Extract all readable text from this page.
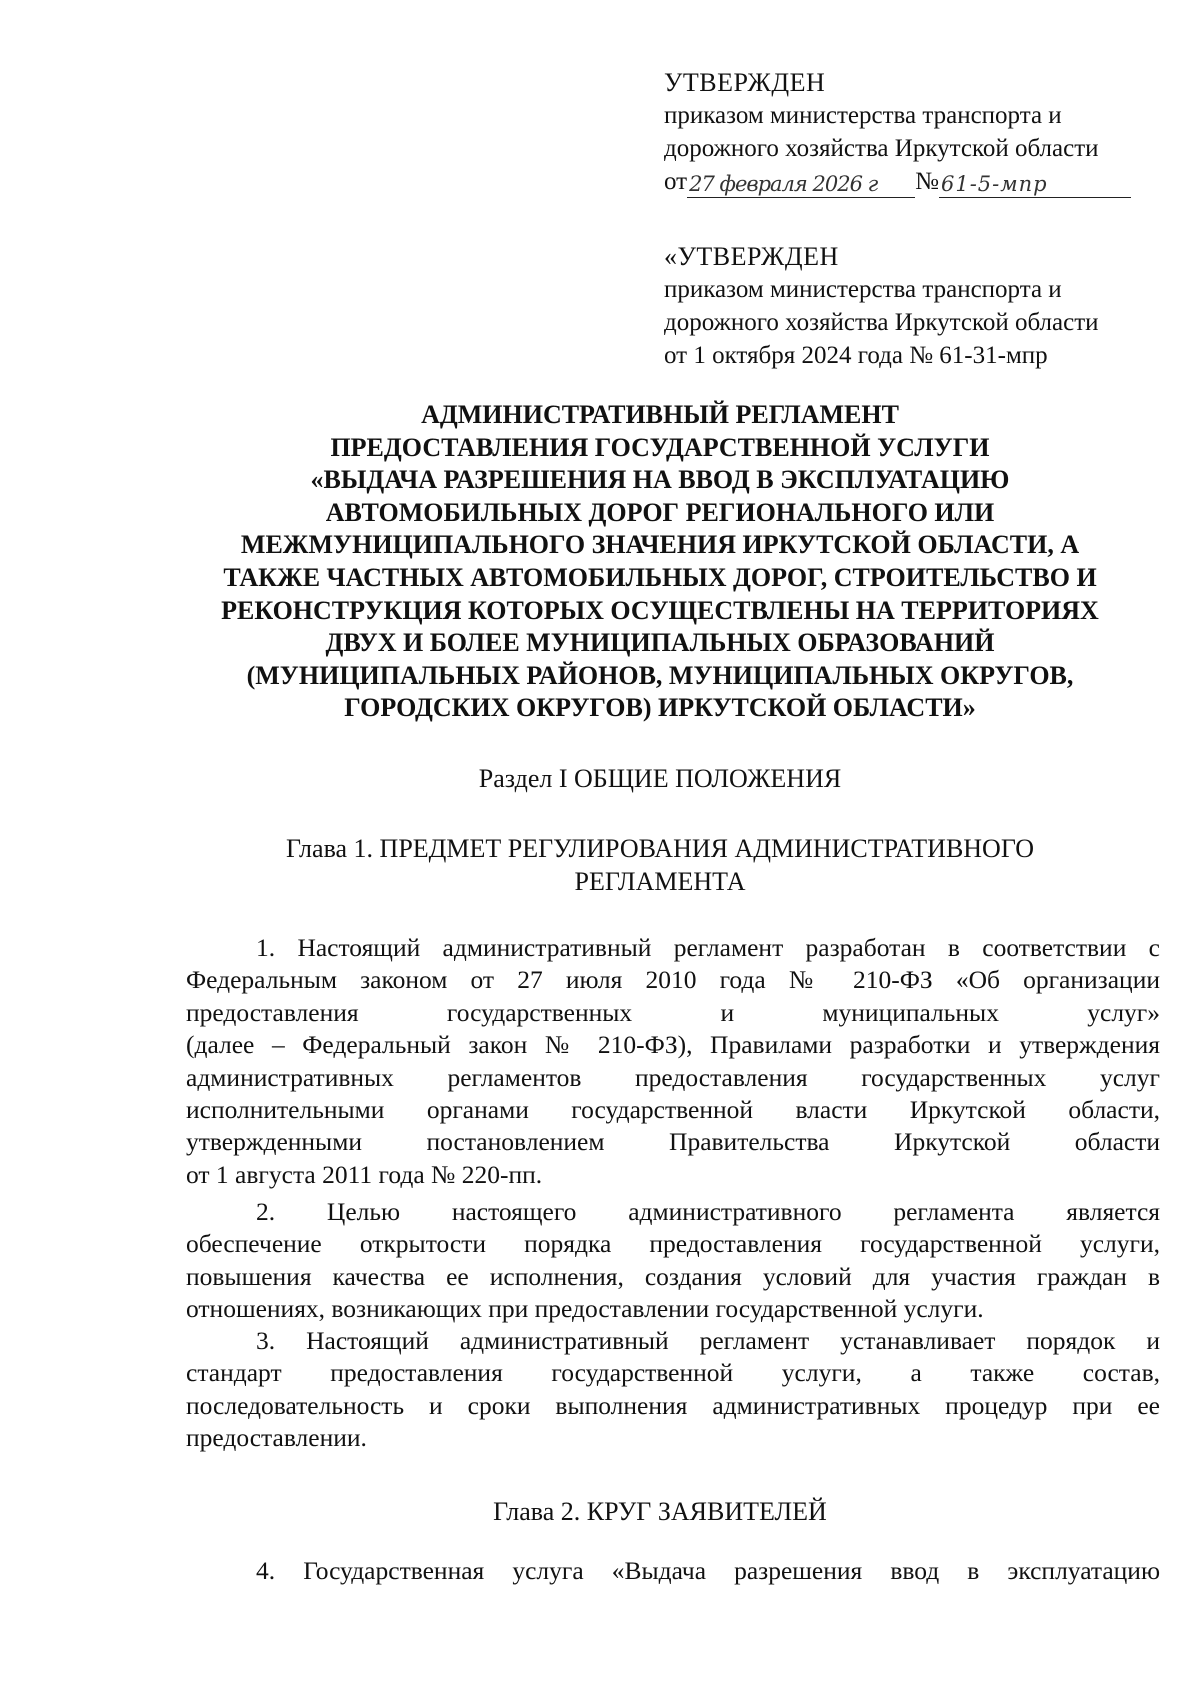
УТВЕРЖДЕН
приказом министерства транспорта и
дорожного хозяйства Иркутской области
от 27 февраля 2026 г	№ 61-5-мпр
«УТВЕРЖДЕН
приказом министерства транспорта и
дорожного хозяйства Иркутской области
от 1 октября 2024 года № 61-31-мпр
АДМИНИСТРАТИВНЫЙ РЕГЛАМЕНТ
ПРЕДОСТАВЛЕНИЯ ГОСУДАРСТВЕННОЙ УСЛУГИ
«ВЫДАЧА РАЗРЕШЕНИЯ НА ВВОД В ЭКСПЛУАТАЦИЮ
АВТОМОБИЛЬНЫХ ДОРОГ РЕГИОНАЛЬНОГО ИЛИ
МЕЖМУНИЦИПАЛЬНОГО ЗНАЧЕНИЯ ИРКУТСКОЙ ОБЛАСТИ, А
ТАКЖЕ ЧАСТНЫХ АВТОМОБИЛЬНЫХ ДОРОГ, СТРОИТЕЛЬСТВО И
РЕКОНСТРУКЦИЯ КОТОРЫХ ОСУЩЕСТВЛЕНЫ НА ТЕРРИТОРИЯХ
ДВУХ И БОЛЕЕ МУНИЦИПАЛЬНЫХ ОБРАЗОВАНИЙ
(МУНИЦИПАЛЬНЫХ РАЙОНОВ, МУНИЦИПАЛЬНЫХ ОКРУГОВ,
ГОРОДСКИХ ОКРУГОВ) ИРКУТСКОЙ ОБЛАСТИ»
Раздел I ОБЩИЕ ПОЛОЖЕНИЯ
Глава 1. ПРЕДМЕТ РЕГУЛИРОВАНИЯ АДМИНИСТРАТИВНОГО
РЕГЛАМЕНТА
1. Настоящий административный регламент разработан в соответствии с
Федеральным законом от 27 июля 2010 года № 210-ФЗ «Об организации
предоставления государственных и муниципальных услуг»
(далее – Федеральный закон № 210-ФЗ), Правилами разработки и утверждения
административных регламентов предоставления государственных услуг
исполнительными органами государственной власти Иркутской области,
утвержденными постановлением Правительства Иркутской области
от 1 августа 2011 года № 220-пп.
2. Целью настоящего административного регламента является
обеспечение открытости порядка предоставления государственной услуги,
повышения качества ее исполнения, создания условий для участия граждан в
отношениях, возникающих при предоставлении государственной услуги.
3. Настоящий административный регламент устанавливает порядок и
стандарт предоставления государственной услуги, а также состав,
последовательность и сроки выполнения административных процедур при ее
предоставлении.
Глава 2. КРУГ ЗАЯВИТЕЛЕЙ
4. Государственная услуга «Выдача разрешения ввод в эксплуатацию
